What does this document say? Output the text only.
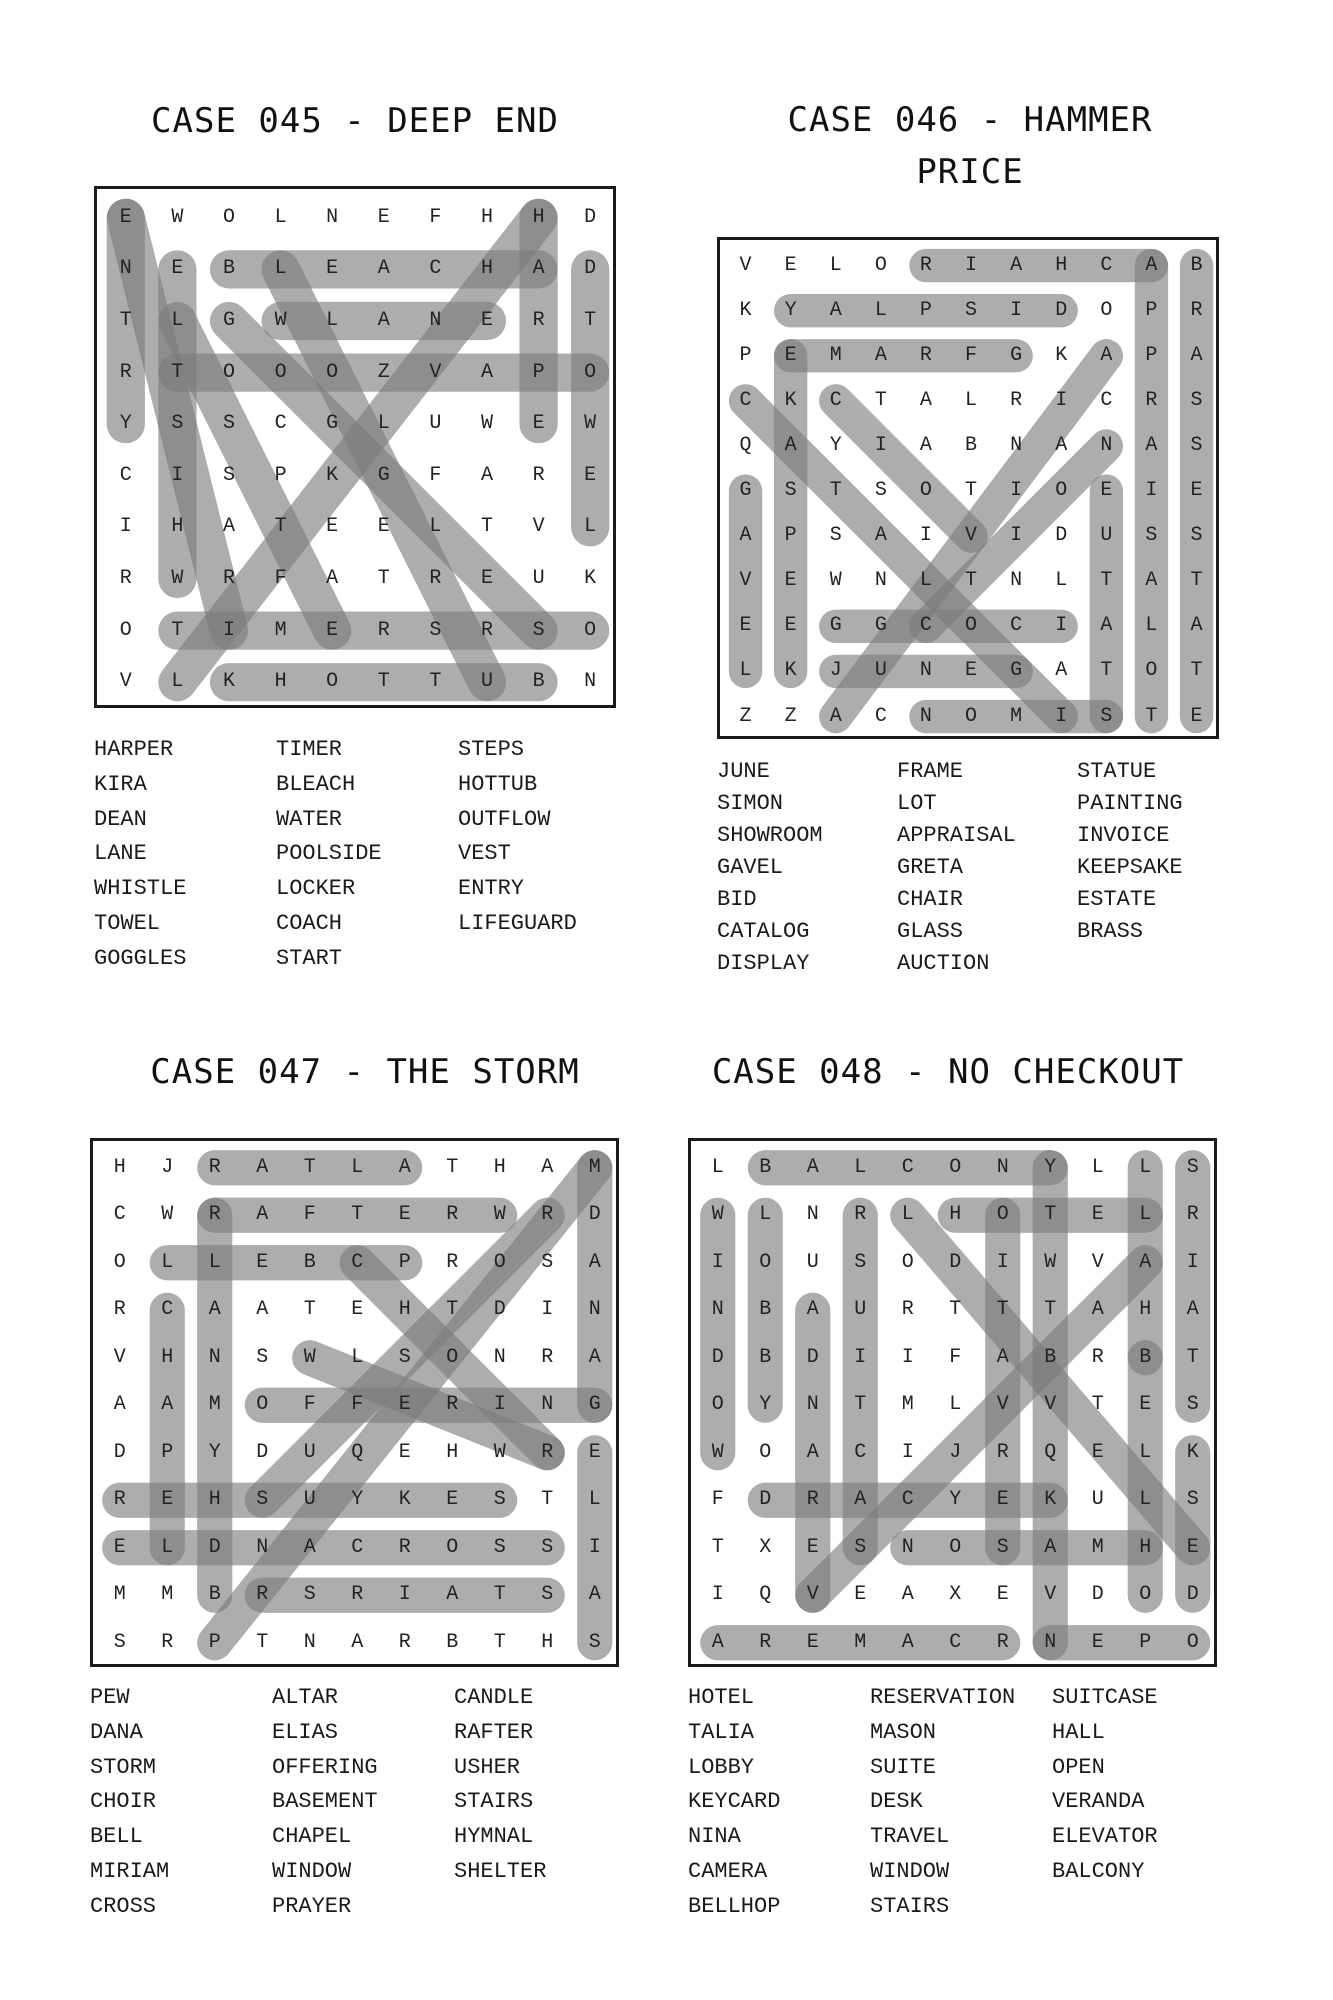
CASE 045 - DEEP END
E W O L N E F H H D
N E B L E A C H A D
T L G W L A N E R T
R T O O O Z V A P O
Y S S C G L U W E W
C I S P K G F A R E
I H A T E E L T V L
R W R F A T R E U K
O T I M E R S R S O
V L K H O T T U B N
HARPER
KIRA
DEAN
LANE
WHISTLE
TOWEL
GOGGLES
TIMER
BLEACH
WATER
POOLSIDE
LOCKER
COACH
START
STEPS
HOTTUB
OUTFLOW
VEST
ENTRY
LIFEGUARD
CASE 046 - HAMMER
PRICE
V E L O R I A H C A B
K Y A L P S I D O P R
P E M A R F G K A P A
C K C T A L R I C R S
Q A Y I A B N A N A S
G S T S O T I O E I E
A P S A I V I D U S S
V E W N L T N L T A T
E E G G C O C I A L A
L K J U N E G A T O T
Z Z A C N O M I S T E
JUNE
SIMON
SHOWROOM
GAVEL
BID
CATALOG
DISPLAY
FRAME
LOT
APPRAISAL
GRETA
CHAIR
GLASS
AUCTION
STATUE
PAINTING
INVOICE
KEEPSAKE
ESTATE
BRASS
CASE 047 - THE STORM
H J R A T L A T H A M
C W R A F T E R W R D
O L L E B C P R O S A
R C A A T E H T D I N
V H N S W L S O N R A
A A M O F F E R I N G
D P Y D U Q E H W R E
R E H S U Y K E S T L
E L D N A C R O S S I
M M B R S R I A T S A
S R P T N A R B T H S
PEW
DANA
STORM
CHOIR
BELL
MIRIAM
CROSS
ALTAR
ELIAS
OFFERING
BASEMENT
CHAPEL
WINDOW
PRAYER
CANDLE
RAFTER
USHER
STAIRS
HYMNAL
SHELTER
CASE 048 - NO CHECKOUT
L B A L C O N Y L L S
W L N R L H O T E L R
I O U S O D I W V A I
N B A U R T T T A H A
D B D I I F A B R B T
O Y N T M L V V T E S
W O A C I J R Q E L K
F D R A C Y E K U L S
T X E S N O S A M H E
I Q V E A X E V D O D
A R E M A C R N E P O
HOTEL
TALIA
LOBBY
KEYCARD
NINA
CAMERA
BELLHOP
RESERVATION
MASON
SUITE
DESK
TRAVEL
WINDOW
STAIRS
SUITCASE
HALL
OPEN
VERANDA
ELEVATOR
BALCONY
